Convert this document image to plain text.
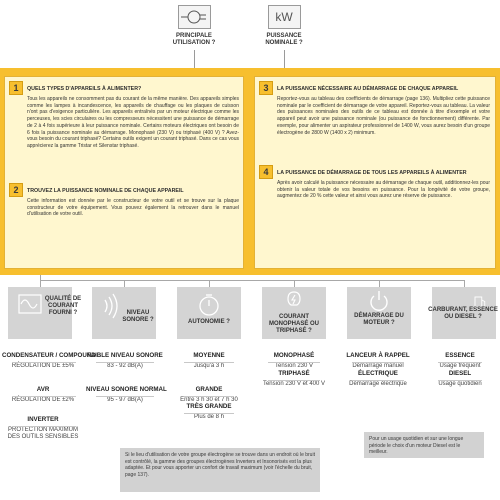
PRINCIPALE UTILISATION ?
kW
PUISSANCE NOMINALE ?
1	QUELS TYPES D'APPAREILS À ALIMENTER?
Tous les appareils ne consomment pas du courant de la même manière. Des appareils simples comme les lampes à incandescence, les appareils de chauffage ou les plaques de cuisson n'ont pas d'exigence particulière. Les appareils entraînés par un moteur électrique comme les perceuses, les scies circulaires ou les compresseurs nécessitent une puissance de démarrage de 2 à 4 fois supérieure à leur puissance nominale. Certains moteurs électriques ont besoin de 6 fois la puissance nominale au démarrage. Monophasé (230 V) ou triphasé (400 V) ? Avez-vous besoin du courant triphasé? Certains outils exigent un courant triphasé. Dans ce cas vous apprécierez la gamme Tristar et Silenstar triphasé.
2	TROUVEZ LA PUISSANCE NOMINALE DE CHAQUE APPAREIL
Cette information est donnée par le constructeur de votre outil et se trouve sur la plaque constructeur de votre équipement. Vous pouvez également la retrouver dans le manuel d'utilisation de votre outil.
3	LA PUISSANCE NÉCESSAIRE AU DÉMARRAGE DE CHAQUE APPAREIL
Reportez-vous au tableau des coefficients de démarrage (page 136). Multipliez cette puissance nominale par le coefficient de démarrage de votre appareil. Reportez-vous au tableau. La valeur des puissances nominales des outils de ce tableau est donnée à titre d'exemple et votre appareil peut avoir une puissance nominale (ou puissance de fonctionnement) différente. Par exemple, pour alimenter un aspirateur professionnel de 1400 W, vous aurez besoin d'un groupe électrogène de 2800 W (1400 x 2) minimum.
4	LA PUISSANCE DE DÉMARRAGE DE TOUS LES APPAREILS À ALIMENTER
Après avoir calculé la puissance nécessaire au démarrage de chaque outil, additionnez-les pour obtenir la valeur totale de vos besoins en puissance. Pour la longévité de votre groupe, augmentez de 20 % cette valeur et ainsi vous aurez une réserve de puissance.
QUALITÉ DE COURANT FOURNI ?	NIVEAU SONORE ?	AUTONOMIE ?
COURANT MONOPHASÉ OU TRIPHASÉ ?
DÉMARRAGE DU MOTEUR ?
CARBURANT, ESSENCE OU DIESEL ?
CONDENSATEUR / COMPOUND
RÉGULATION DE ±5%
AVR
RÉGULATION DE ±2%
INVERTER
PROTECTION MAXIMUM DES OUTILS SENSIBLES
FAIBLE NIVEAU SONORE
83 - 92 dB(A)
NIVEAU SONORE NORMAL
95 - 97 dB(A)
MOYENNE
Jusqu'à 3 h
GRANDE
Entre 3 h 30 et 7 h 30
TRÈS GRANDE
Plus de 8 h
MONOPHASÉ
Tension 230 V
TRIPHASÉ
Tension 230 V et 400 V
LANCEUR À RAPPEL
Démarrage manuel
ÉLECTRIQUE
Démarrage électrique
ESSENCE
Usage fréquent
DIESEL
Usage quotidien
Si le lieu d'utilisation de votre groupe électrogène se trouve dans un endroit où le bruit est contrôlé, la gamme des groupes électrogènes Inverters et Insonorisés est la plus adaptée. Et pour vous apporter un confort de travail maximum (voir l'échelle du bruit, page 137).
Pour un usage quotidien et sur une longue période le choix d'un moteur Diesel est le meilleur.
